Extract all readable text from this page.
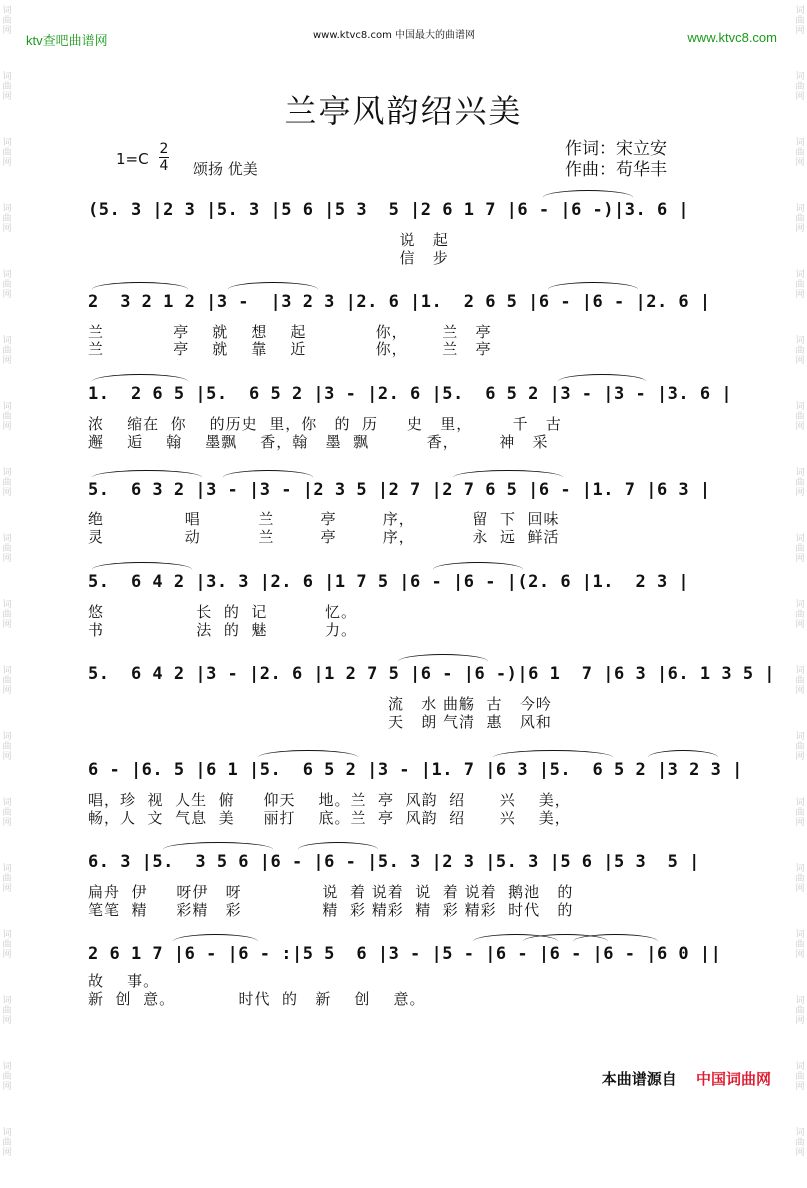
词曲网
词曲网
词曲网
词曲网
词曲网
词曲网
词曲网
词曲网
词曲网
词曲网
词曲网
词曲网
词曲网
词曲网
词曲网
词曲网
词曲网
词曲网
词曲网
词曲网
词曲网
词曲网
词曲网
词曲网
词曲网
词曲网
词曲网
词曲网
词曲网
词曲网
词曲网
词曲网
词曲网
词曲网
词曲网
词曲网
ktv查吧曲谱网	www.ktvc8.com 中国最大的曲谱网	www.ktvc8.com
兰亭风韵绍兴美
作词：宋立安
作曲：苟华丰
$1=C \frac{2}{4}$ 颂扬 优美
(5. 3 |2 3 |5. 3 |5 6 |5 3  5 |2 6 1 7 |6 - |6 -)|3. 6 |
说   起
信   步
2  3 2 1 2 |3 -  |3 2 3 |2. 6 |1.  2 6 5 |6 - |6 - |2. 6 |
兰            亭    就    想    起            你，      兰   亭
兰            亭    就    靠    近            你，      兰   亭
1.  2 6 5 |5.  6 5 2 |3 - |2. 6 |5.  6 5 2 |3 - |3 - |3. 6 |
浓    缩在  你    的历史  里，你   的  历     史   里，       千   古
邂    逅    翰    墨飘    香，翰   墨  飘          香，       神   采
5.  6 3 2 |3 - |3 - |2 3 5 |2 7 |2 7 6 5 |6 - |1. 7 |6 3 |
绝              唱          兰        亭        序，          留  下  回味
灵              动          兰        亭        序，          永  远  鲜活
5.  6 4 2 |3. 3 |2. 6 |1 7 5 |6 - |6 - |(2. 6 |1.  2 3 |
悠                长  的  记          忆。
书                法  的  魅          力。
5.  6 4 2 |3 - |2. 6 |1 2 7 5 |6 - |6 -)|6 1  7 |6 3 |6. 1 3 5 |
流   水 曲觞  古   今吟
天   朗 气清  惠   风和
6 - |6. 5 |6 1 |5.  6 5 2 |3 - |1. 7 |6 3 |5.  6 5 2 |3 2 3 |
唱，珍  视  人生  俯     仰天    地。兰  亭  风韵  绍      兴    美，
畅，人  文  气息  美     丽打    底。兰  亭  风韵  绍      兴    美，
6. 3 |5.  3 5 6 |6 - |6 - |5. 3 |2 3 |5. 3 |5 6 |5 3  5 |
扁舟  伊     呀伊   呀              说  着 说着  说  着 说着  鹅池   的
笔笔  精     彩精   彩              精  彩 精彩  精  彩 精彩  时代   的
2 6 1 7 |6 - |6 - :|5 5  6 |3 - |5 - |6 - |6 - |6 - |6 0 ||
故    事。
新  创  意。           时代  的   新    创    意。
本曲谱源自 中国词曲网
